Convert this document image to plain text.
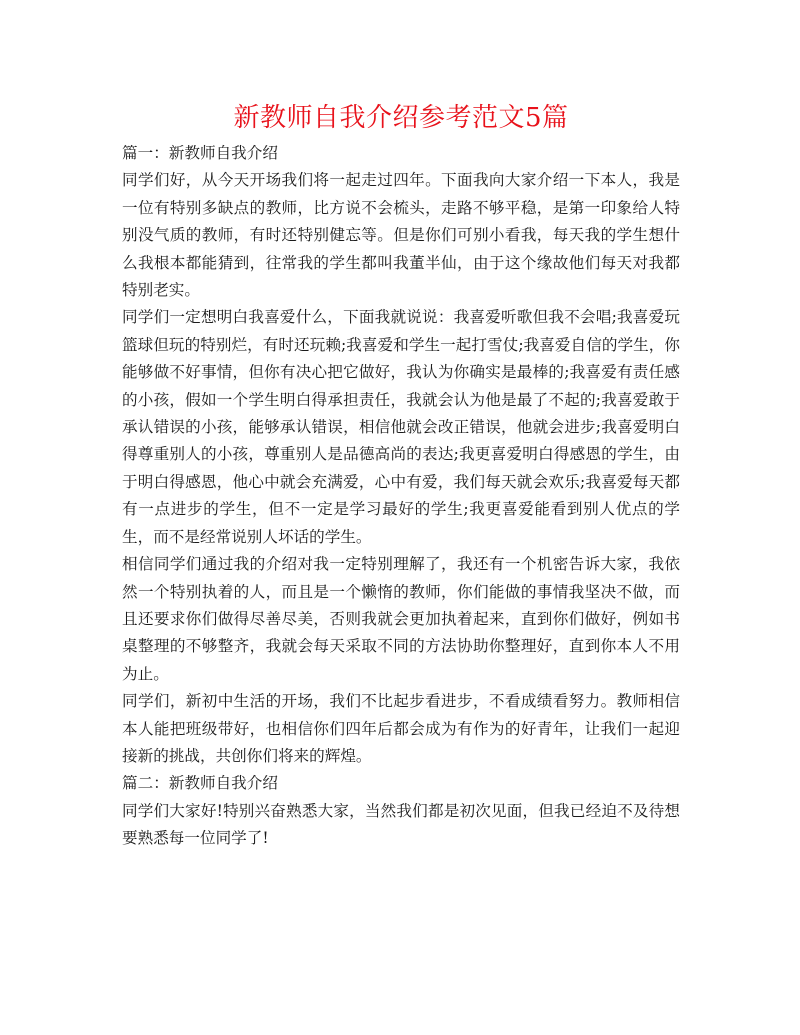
新教师自我介绍参考范文5篇

篇一：新教师自我介绍

同学们好，从今天开场我们将一起走过四年。下面我向大家介绍一下本人，我是一位有特别多缺点的教师，比方说不会梳头，走路不够平稳，是第一印象给人特别没气质的教师，有时还特别健忘等。但是你们可别小看我，每天我的学生想什么我根本都能猜到，往常我的学生都叫我董半仙，由于这个缘故他们每天对我都特别老实。

同学们一定想明白我喜爱什么，下面我就说说：我喜爱听歌但我不会唱;我喜爱玩篮球但玩的特别烂，有时还玩赖;我喜爱和学生一起打雪仗;我喜爱自信的学生，你能够做不好事情，但你有决心把它做好，我认为你确实是最棒的;我喜爱有责任感的小孩，假如一个学生明白得承担责任，我就会认为他是最了不起的;我喜爱敢于承认错误的小孩，能够承认错误，相信他就会改正错误，他就会进步;我喜爱明白得尊重别人的小孩，尊重别人是品德高尚的表达;我更喜爱明白得感恩的学生，由于明白得感恩，他心中就会充满爱，心中有爱，我们每天就会欢乐;我喜爱每天都有一点进步的学生，但不一定是学习最好的学生;我更喜爱能看到别人优点的学生，而不是经常说别人坏话的学生。

相信同学们通过我的介绍对我一定特别理解了，我还有一个机密告诉大家，我依然一个特别执着的人，而且是一个懒惰的教师，你们能做的事情我坚决不做，而且还要求你们做得尽善尽美，否则我就会更加执着起来，直到你们做好，例如书桌整理的不够整齐，我就会每天采取不同的方法协助你整理好，直到你本人不用为止。

同学们，新初中生活的开场，我们不比起步看进步，不看成绩看努力。教师相信本人能把班级带好，也相信你们四年后都会成为有作为的好青年，让我们一起迎接新的挑战，共创你们将来的辉煌。

篇二：新教师自我介绍

同学们大家好!特别兴奋熟悉大家，当然我们都是初次见面，但我已经迫不及待想要熟悉每一位同学了!
